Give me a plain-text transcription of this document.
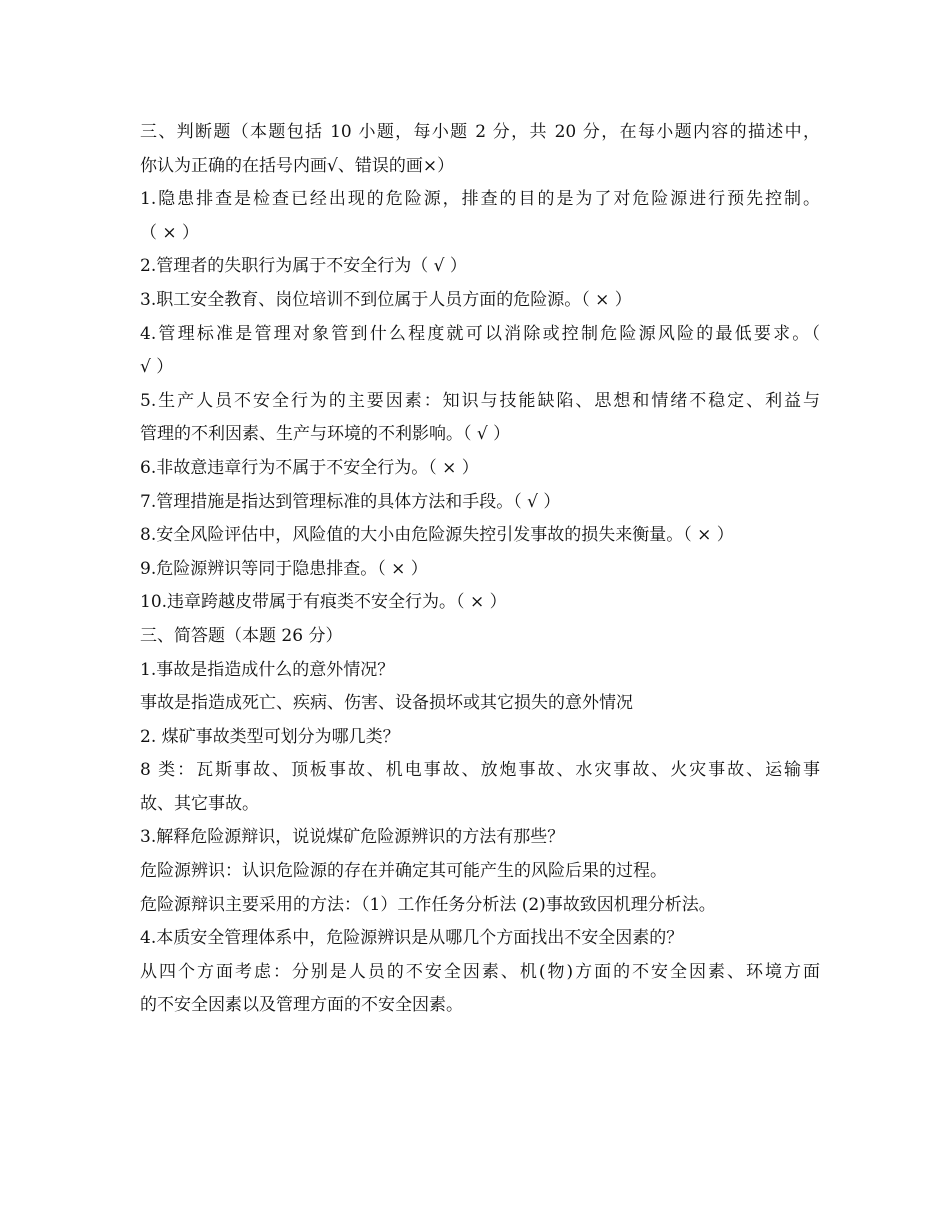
三、判断题（本题包括 10 小题，每小题 2 分，共 20 分，在每小题内容的描述中，
你认为正确的在括号内画√、错误的画×）
1.隐患排查是检查已经出现的危险源，排查的目的是为了对危险源进行预先控制。
（ × ）
2.管理者的失职行为属于不安全行为（ √ ）
3.职工安全教育、岗位培训不到位属于人员方面的危险源。（ × ）
4.管理标准是管理对象管到什么程度就可以消除或控制危险源风险的最低要求。（
√ ）
5.生产人员不安全行为的主要因素：知识与技能缺陷、思想和情绪不稳定、利益与
管理的不利因素、生产与环境的不利影响。（ √ ）
6.非故意违章行为不属于不安全行为。（ × ）
7.管理措施是指达到管理标准的具体方法和手段。（ √ ）
8.安全风险评估中，风险值的大小由危险源失控引发事故的损失来衡量。（ × ）
9.危险源辨识等同于隐患排查。（ × ）
10.违章跨越皮带属于有痕类不安全行为。（ × ）
三、简答题（本题 26 分）
1.事故是指造成什么的意外情况？
事故是指造成死亡、疾病、伤害、设备损坏或其它损失的意外情况
2. 煤矿事故类型可划分为哪几类？
8 类：瓦斯事故、顶板事故、机电事故、放炮事故、水灾事故、火灾事故、运输事
故、其它事故。
3.解释危险源辩识，说说煤矿危险源辨识的方法有那些？
危险源辨识：认识危险源的存在并确定其可能产生的风险后果的过程。
危险源辩识主要采用的方法：（1）工作任务分析法 (2)事故致因机理分析法。
4.本质安全管理体系中，危险源辨识是从哪几个方面找出不安全因素的？
从四个方面考虑：分别是人员的不安全因素、机(物)方面的不安全因素、环境方面
的不安全因素以及管理方面的不安全因素。
